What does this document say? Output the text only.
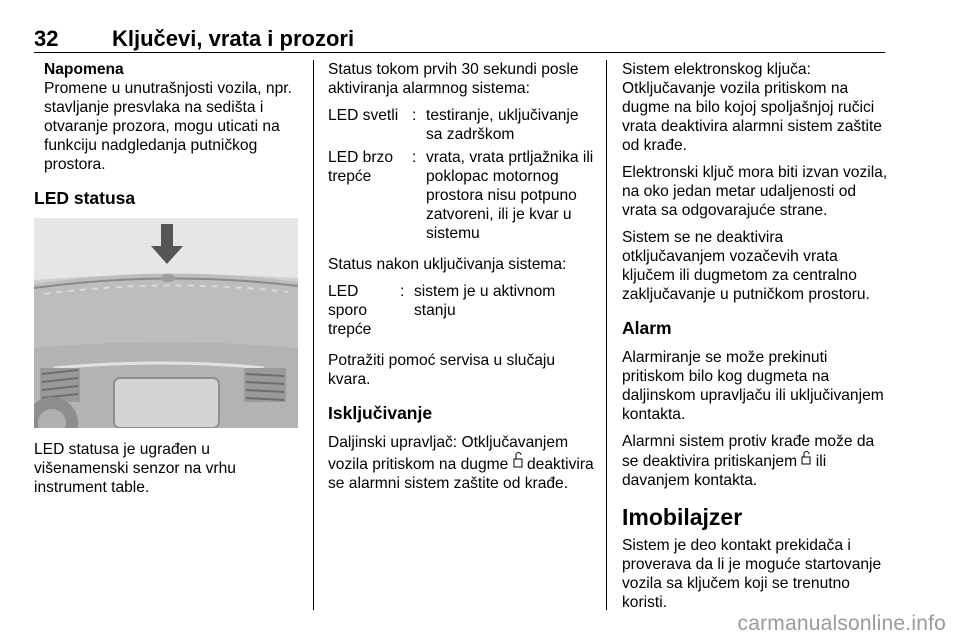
32 Ključevi, vrata i prozori
Napomena
Promene u unutrašnjosti vozila, npr. stavljanje presvlaka na sedišta i otvaranje prozora, mogu uticati na funkciju nadgledanja putničkog prostora.
LED statusa
LED statusa je ugrađen u višenamenski senzor na vrhu instrument table.

Status tokom prvih 30 sekundi posle aktiviranja alarmnog sistema:

LED svetli : testiranje, uključivanje sa zadrškom
LED brzo trepće
: vrata, vrata prtljažnika ili poklopac motornog prostora nisu potpuno zatvoreni, ili je kvar u sistemu

Status nakon uključivanja sistema:

LED sporo trepće
: sistem je u aktivnom stanju

Potražiti pomoć servisa u slučaju kvara.

Isključivanje

Daljinski upravljač: Otključavanjem vozila pritiskom na dugme deaktivira se alarmni sistem zaštite od krađe.

Sistem elektronskog ključa: Otključavanje vozila pritiskom na dugme na bilo kojoj spoljašnjoj ručici vrata deaktivira alarmni sistem zaštite od krađe.

Elektronski ključ mora biti izvan vozila, na oko jedan metar udaljenosti od vrata sa odgovarajuće strane.

Sistem se ne deaktivira otključavanjem vozačevih vrata ključem ili dugmetom za centralno zaključavanje u putničkom prostoru.

Alarm

Alarmiranje se može prekinuti pritiskom bilo kog dugmeta na daljinskom upravljaču ili uključivanjem kontakta.

Alarmni sistem protiv krađe može da se deaktivira pritiskanjem ili davanjem kontakta.

Imobilajzer

Sistem je deo kontakt prekidača i proverava da li je moguće startovanje vozila sa ključem koji se trenutno koristi.

carmanualsonline.info
